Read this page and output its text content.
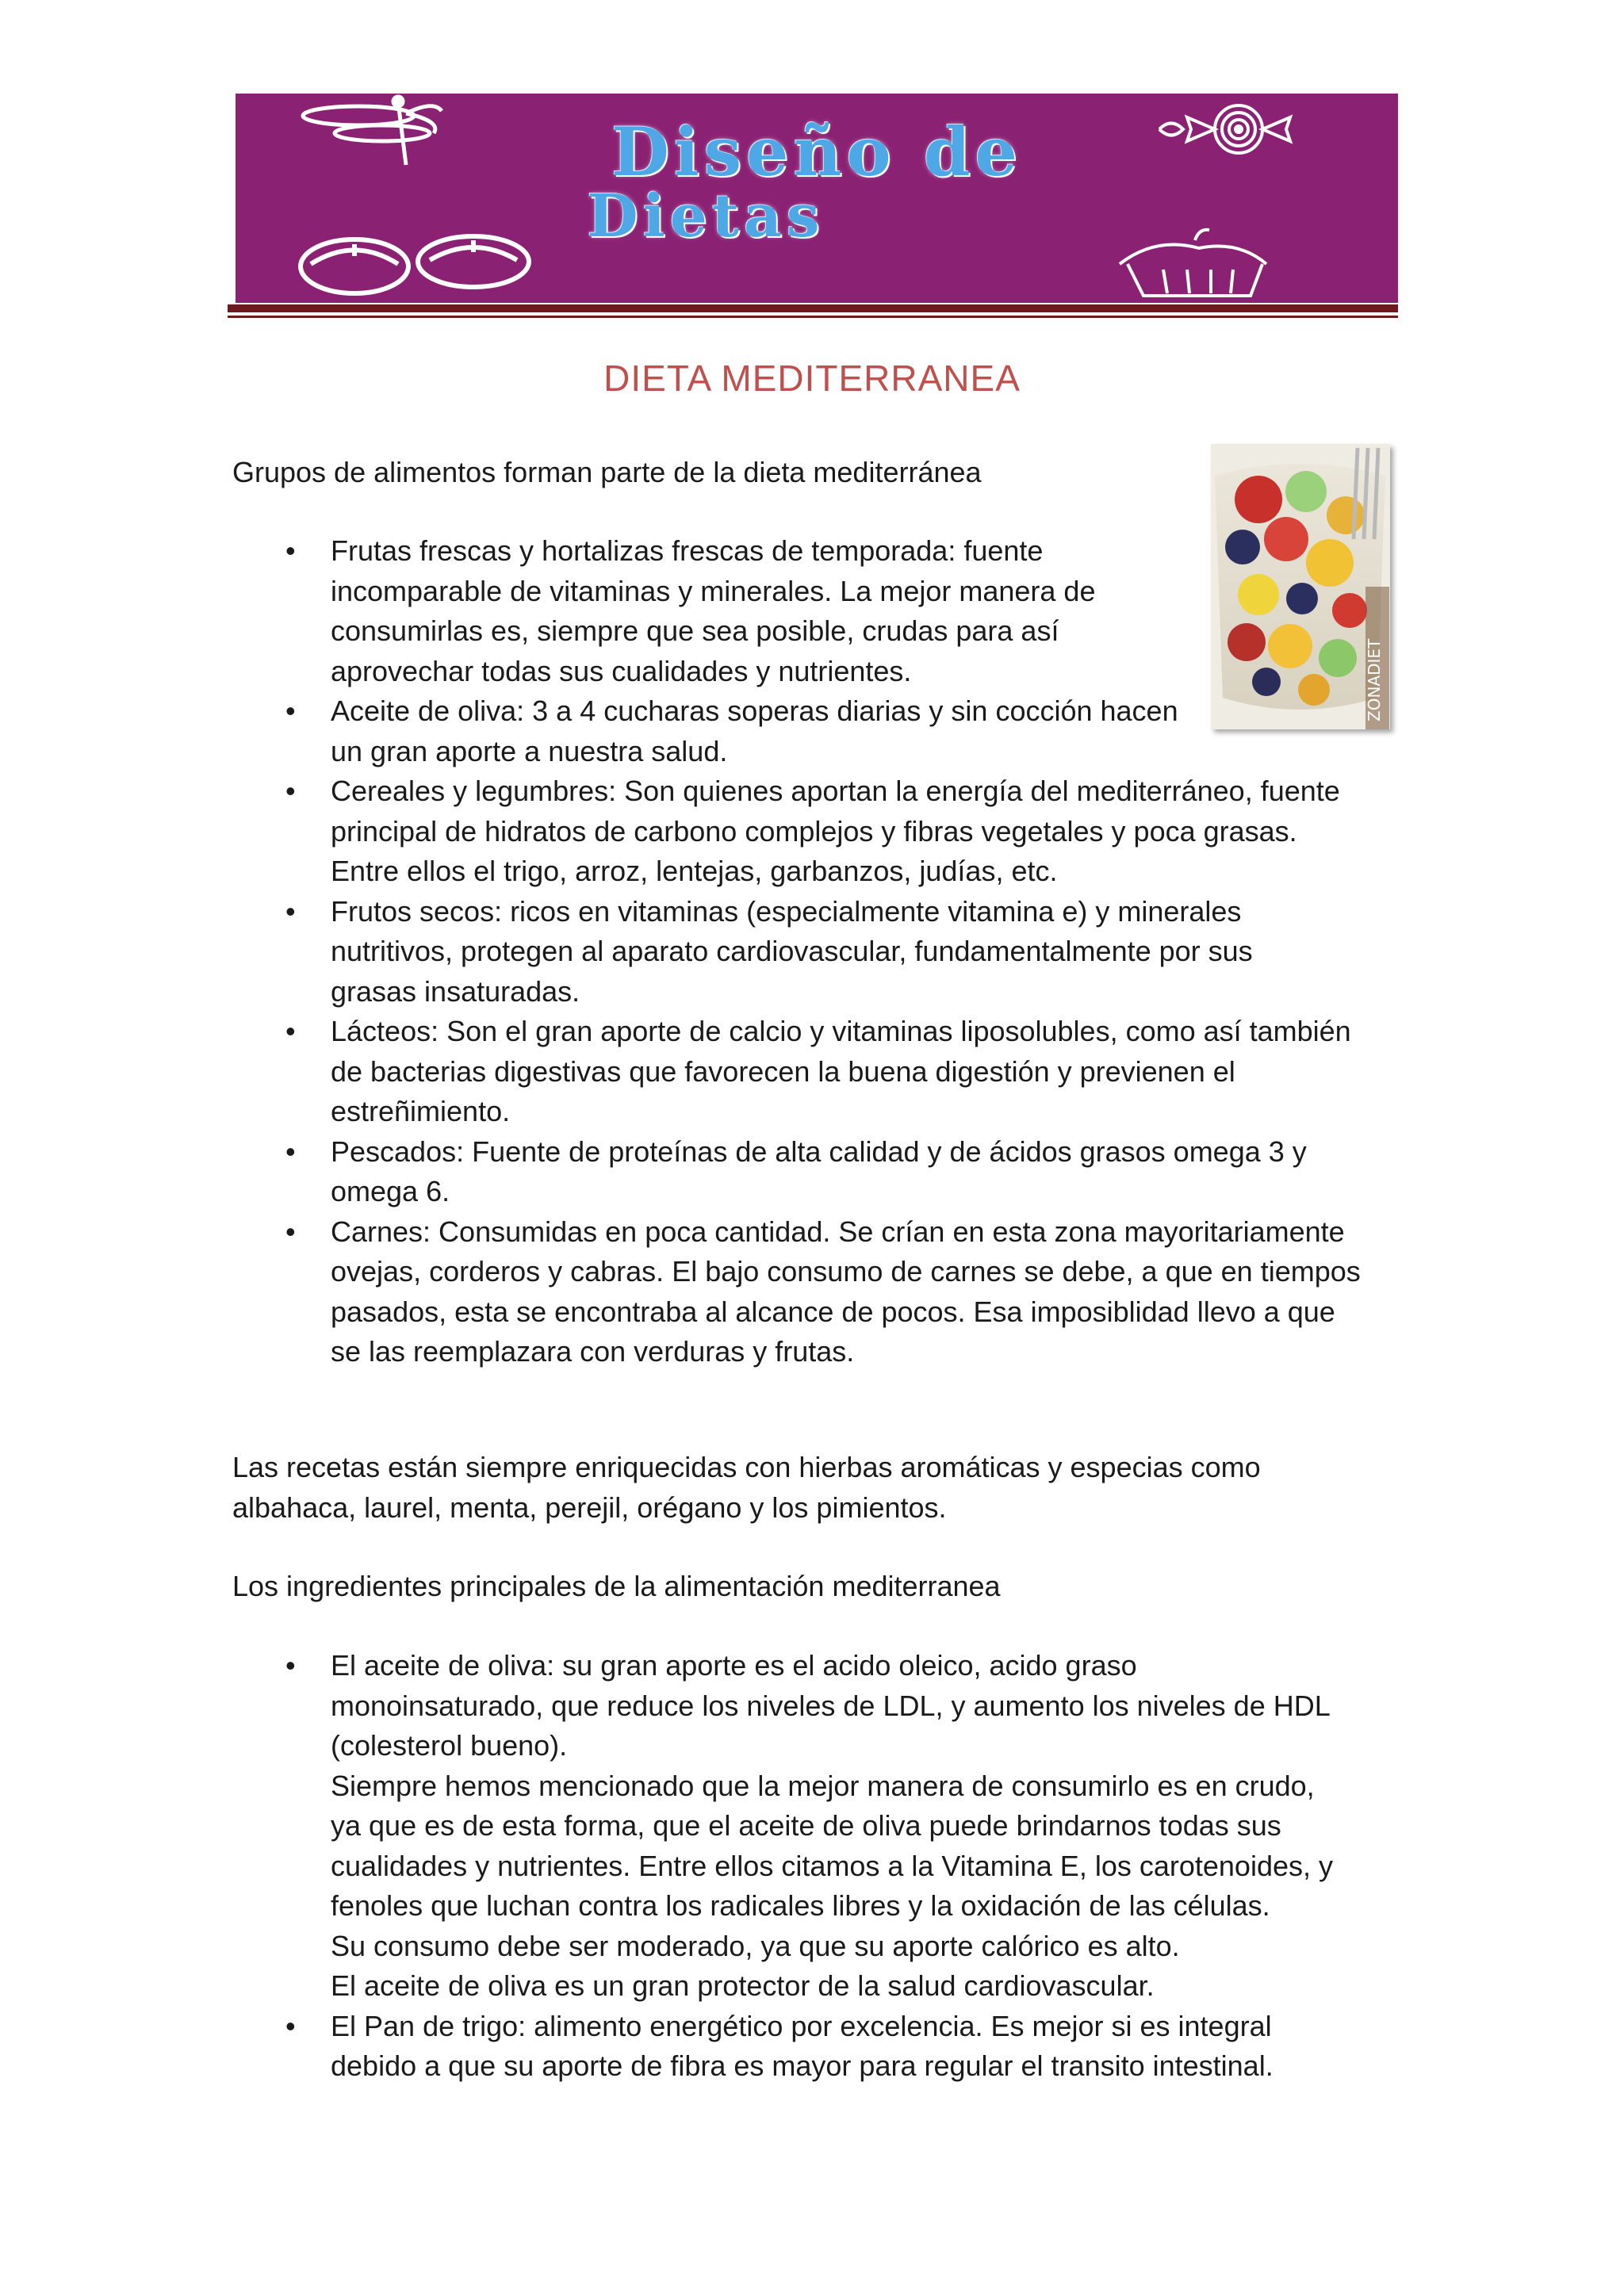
Diseño de
Dietas
DIETA MEDITERRANEA
ZONADIET

Grupos de alimentos forman parte de la dieta mediterránea

• Frutas frescas y hortalizas frescas de temporada: fuente
incomparable de vitaminas y minerales. La mejor manera de
consumirlas es, siempre que sea posible, crudas para así
aprovechar todas sus cualidades y nutrientes.
• Aceite de oliva: 3 a 4 cucharas soperas diarias y sin cocción hacen
un gran aporte a nuestra salud.
• Cereales y legumbres: Son quienes aportan la energía del mediterráneo, fuente
principal de hidratos de carbono complejos y fibras vegetales y poca grasas.
Entre ellos el trigo, arroz, lentejas, garbanzos, judías, etc.
• Frutos secos: ricos en vitaminas (especialmente vitamina e) y minerales
nutritivos, protegen al aparato cardiovascular, fundamentalmente por sus
grasas insaturadas.
• Lácteos: Son el gran aporte de calcio y vitaminas liposolubles, como así también
de bacterias digestivas que favorecen la buena digestión y previenen el
estreñimiento.
• Pescados: Fuente de proteínas de alta calidad y de ácidos grasos omega 3 y
omega 6.
• Carnes: Consumidas en poca cantidad. Se crían en esta zona mayoritariamente
ovejas, corderos y cabras. El bajo consumo de carnes se debe, a que en tiempos
pasados, esta se encontraba al alcance de pocos. Esa imposiblidad llevo a que
se las reemplazara con verduras y frutas.

Las recetas están siempre enriquecidas con hierbas aromáticas y especias como
albahaca, laurel, menta, perejil, orégano y los pimientos.

Los ingredientes principales de la alimentación mediterranea

• El aceite de oliva: su gran aporte es el acido oleico, acido graso
monoinsaturado, que reduce los niveles de LDL, y aumento los niveles de HDL
(colesterol bueno).
Siempre hemos mencionado que la mejor manera de consumirlo es en crudo,
ya que es de esta forma, que el aceite de oliva puede brindarnos todas sus
cualidades y nutrientes. Entre ellos citamos a la Vitamina E, los carotenoides, y
fenoles que luchan contra los radicales libres y la oxidación de las células.
Su consumo debe ser moderado, ya que su aporte calórico es alto.
El aceite de oliva es un gran protector de la salud cardiovascular.
• El Pan de trigo: alimento energético por excelencia. Es mejor si es integral
debido a que su aporte de fibra es mayor para regular el transito intestinal.
